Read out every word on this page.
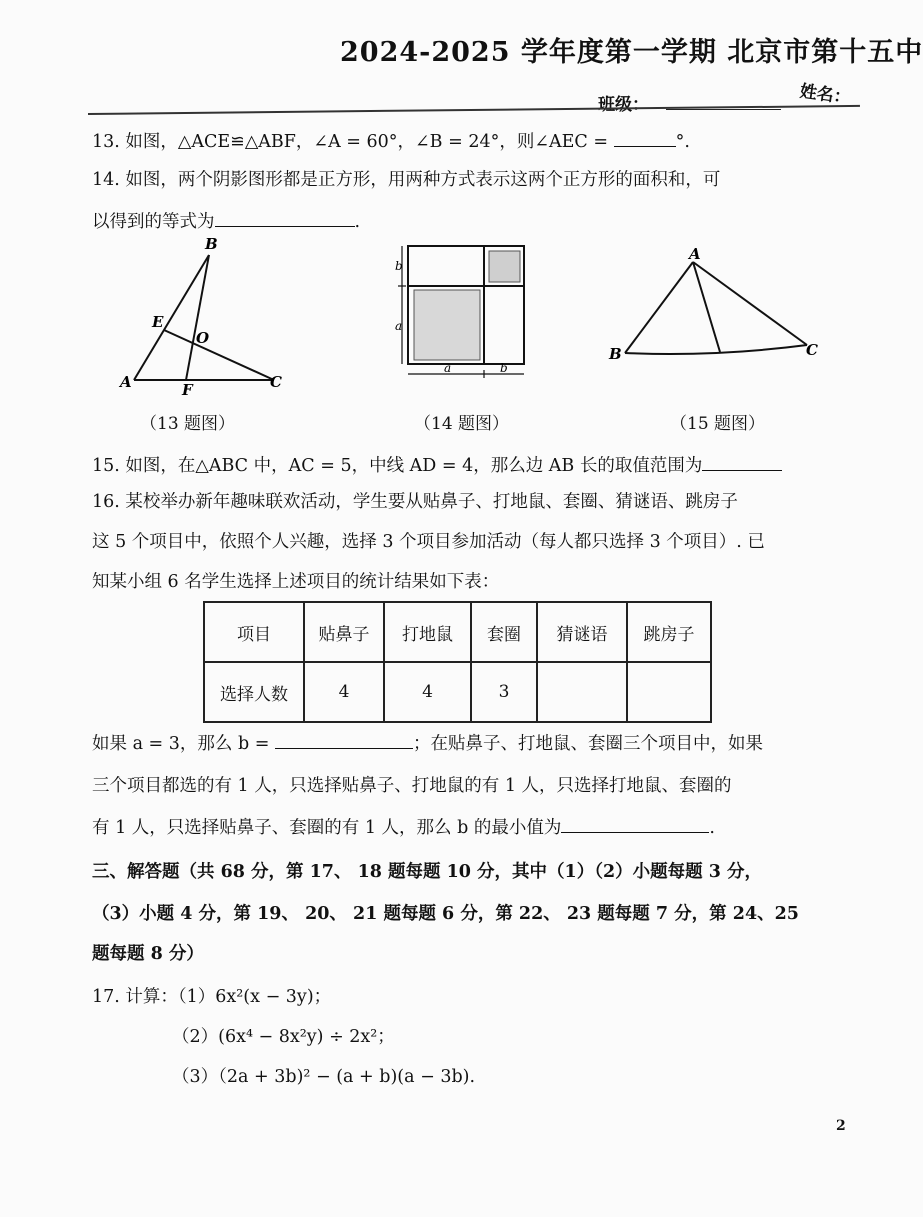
2024-2025 学年度第一学期 北京市第十五中
班级：	姓名：
13. 如图，△ACE≌△ABF，∠A = 60°，∠B = 24°，则∠AEC =	°.
14. 如图，两个阴影图形都是正方形，用两种方式表示这两个正方形的面积和，可
以得到的等式为	.
B
E
O
A	F	C
（13 题图）
b
a
a	b
（14 题图）
A
B	C
（15 题图）
15. 如图，在△ABC 中，AC = 5，中线 AD = 4，那么边 AB 长的取值范围为
16. 某校举办新年趣味联欢活动，学生要从贴鼻子、打地鼠、套圈、猜谜语、跳房子
这 5 个项目中，依照个人兴趣，选择 3 个项目参加活动（每人都只选择 3 个项目）. 已
知某小组 6 名学生选择上述项目的统计结果如下表：
项目	贴鼻子	打地鼠	套圈	猜谜语	跳房子
选择人数	4	4	3		
如果 a = 3，那么 b =	；在贴鼻子、打地鼠、套圈三个项目中，如果
三个项目都选的有 1 人，只选择贴鼻子、打地鼠的有 1 人，只选择打地鼠、套圈的
有 1 人，只选择贴鼻子、套圈的有 1 人，那么 b 的最小值为	.
三、解答题（共 68 分，第 17、 18 题每题 10 分，其中（1）（2）小题每题 3 分，
（3）小题 4 分，第 19、 20、 21 题每题 6 分，第 22、 23 题每题 7 分，第 24、25
题每题 8 分）
17. 计算：（1）6x²(x − 3y)；
（2）(6x⁴ − 8x²y) ÷ 2x²；
（3）（2a + 3b)² − (a + b)(a − 3b).
2
